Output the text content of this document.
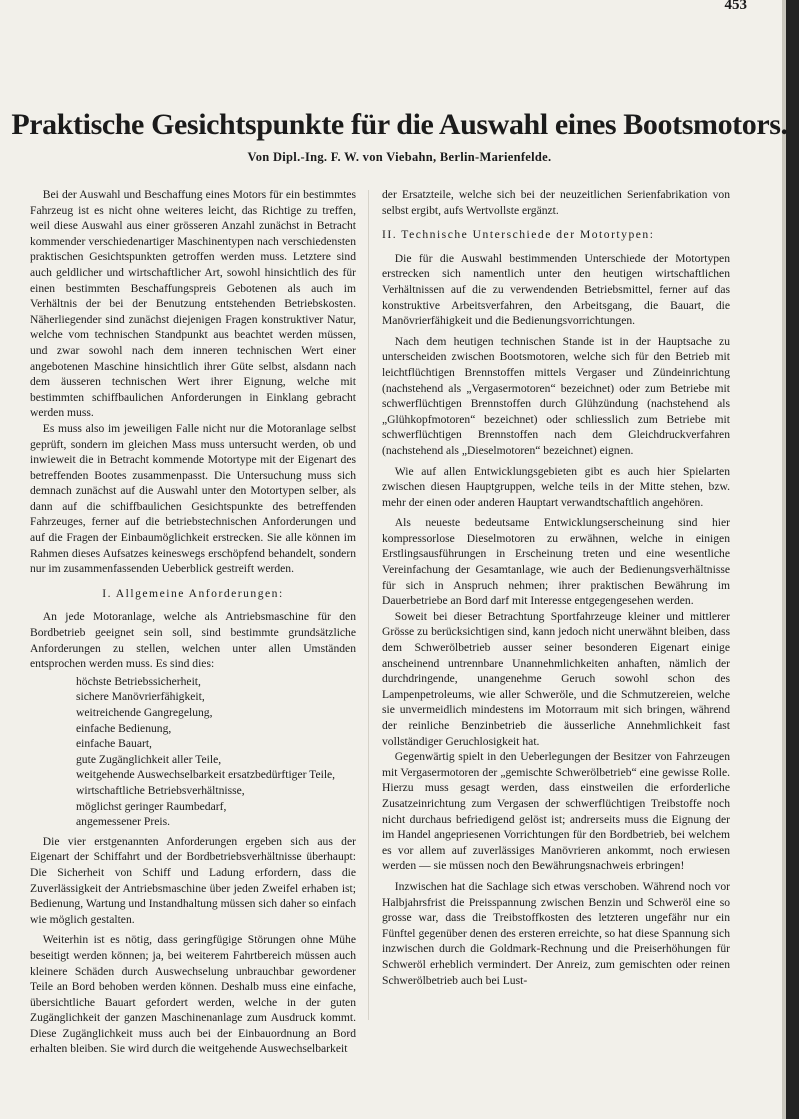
453
Praktische Gesichtspunkte für die Auswahl eines Bootsmotors.
Von Dipl.-Ing. F. W. von Viebahn, Berlin-Marienfelde.

Bei der Auswahl und Beschaffung eines Motors für ein bestimmtes Fahrzeug ist es nicht ohne weiteres leicht, das Richtige zu treffen, weil diese Auswahl aus einer grösseren Anzahl zunächst in Betracht kommender verschiedenartiger Maschinentypen nach verschiedensten praktischen Gesichtspunkten getroffen werden muss. Letztere sind auch geldlicher und wirtschaftlicher Art, sowohl hinsichtlich des für einen bestimmten Beschaffungspreis Gebotenen als auch im Verhältnis der bei der Benutzung entstehenden Betriebskosten. Näherliegender sind zunächst diejenigen Fragen konstruktiver Natur, welche vom technischen Standpunkt aus beachtet werden müssen, und zwar sowohl nach dem inneren technischen Wert einer angebotenen Maschine hinsichtlich ihrer Güte selbst, alsdann nach dem äusseren technischen Wert ihrer Eignung, welche mit bestimmten schiffbaulichen Anforderungen in Einklang gebracht werden muss.

Es muss also im jeweiligen Falle nicht nur die Motoranlage selbst geprüft, sondern im gleichen Mass muss untersucht werden, ob und inwieweit die in Betracht kommende Motortype mit der Eigenart des betreffenden Bootes zusammenpasst. Die Untersuchung muss sich demnach zunächst auf die Auswahl unter den Motortypen selber, als dann auf die schiffbaulichen Gesichtspunkte des betreffenden Fahrzeuges, ferner auf die betriebstechnischen Anforderungen und auf die Fragen der Einbaumöglichkeit erstrecken. Sie alle können im Rahmen dieses Aufsatzes keineswegs erschöpfend behandelt, sondern nur im zusammenfassenden Ueberblick gestreift werden.

I. Allgemeine Anforderungen:

An jede Motoranlage, welche als Antriebsmaschine für den Bordbetrieb geeignet sein soll, sind bestimmte grundsätzliche Anforderungen zu stellen, welchen unter allen Umständen entsprochen werden muss. Es sind dies:

höchste Betriebssicherheit,
sichere Manövrierfähigkeit,
weitreichende Gangregelung,
einfache Bedienung,
einfache Bauart,
gute Zugänglichkeit aller Teile,
weitgehende Auswechselbarkeit ersatzbedürftiger Teile,
wirtschaftliche Betriebsverhältnisse,
möglichst geringer Raumbedarf,
angemessener Preis.

Die vier erstgenannten Anforderungen ergeben sich aus der Eigenart der Schiffahrt und der Bordbetriebsverhältnisse überhaupt: Die Sicherheit von Schiff und Ladung erfordern, dass die Zuverlässigkeit der Antriebsmaschine über jeden Zweifel erhaben ist; Bedienung, Wartung und Instandhaltung müssen sich daher so einfach wie möglich gestalten.

Weiterhin ist es nötig, dass geringfügige Störungen ohne Mühe beseitigt werden können; ja, bei weiterem Fahrtbereich müssen auch kleinere Schäden durch Auswechselung unbrauchbar gewordener Teile an Bord behoben werden können. Deshalb muss eine einfache, übersichtliche Bauart gefordert werden, welche in der guten Zugänglichkeit der ganzen Maschinenanlage zum Ausdruck kommt. Diese Zugänglichkeit muss auch bei der Einbauordnung an Bord erhalten bleiben. Sie wird durch die weitgehende Auswechselbarkeit

der Ersatzteile, welche sich bei der neuzeitlichen Serienfabrikation von selbst ergibt, aufs Wertvollste ergänzt.

II. Technische Unterschiede der Motortypen:

Die für die Auswahl bestimmenden Unterschiede der Motortypen erstrecken sich namentlich unter den heutigen wirtschaftlichen Verhältnissen auf die zu verwendenden Betriebsmittel, ferner auf das konstruktive Arbeitsverfahren, den Arbeitsgang, die Bauart, die Manövrierfähigkeit und die Bedienungsvorrichtungen.

Nach dem heutigen technischen Stande ist in der Hauptsache zu unterscheiden zwischen Bootsmotoren, welche sich für den Betrieb mit leichtflüchtigen Brennstoffen mittels Vergaser und Zündeinrichtung (nachstehend als „Vergasermotoren“ bezeichnet) oder zum Betriebe mit schwerflüchtigen Brennstoffen durch Glühzündung (nachstehend als „Glühkopfmotoren“ bezeichnet) oder schliesslich zum Betriebe mit schwerflüchtigen Brennstoffen nach dem Gleichdruckverfahren (nachstehend als „Dieselmotoren“ bezeichnet) eignen.

Wie auf allen Entwicklungsgebieten gibt es auch hier Spielarten zwischen diesen Hauptgruppen, welche teils in der Mitte stehen, bzw. mehr der einen oder anderen Hauptart verwandtschaftlich angehören.

Als neueste bedeutsame Entwicklungserscheinung sind hier kompressorlose Dieselmotoren zu erwähnen, welche in einigen Erstlingsausführungen in Erscheinung treten und eine wesentliche Vereinfachung der Gesamtanlage, wie auch der Bedienungsverhältnisse für sich in Anspruch nehmen; ihrer praktischen Bewährung im Dauerbetriebe an Bord darf mit Interesse entgegengesehen werden.

Soweit bei dieser Betrachtung Sportfahrzeuge kleiner und mittlerer Grösse zu berücksichtigen sind, kann jedoch nicht unerwähnt bleiben, dass dem Schwerölbetrieb ausser seiner besonderen Eigenart einige anscheinend untrennbare Unannehmlichkeiten anhaften, nämlich der durchdringende, unangenehme Geruch sowohl schon des Lampenpetroleums, wie aller Schweröle, und die Schmutzereien, welche sie unvermeidlich mindestens im Motorraum mit sich bringen, während der reinliche Benzinbetrieb die äusserliche Annehmlichkeit fast vollständiger Geruchlosigkeit hat.

Gegenwärtig spielt in den Ueberlegungen der Besitzer von Fahrzeugen mit Vergasermotoren der „gemischte Schwerölbetrieb“ eine gewisse Rolle. Hierzu muss gesagt werden, dass einstweilen die erforderliche Zusatzeinrichtung zum Vergasen der schwerflüchtigen Treibstoffe noch nicht durchaus befriedigend gelöst ist; andrerseits muss die Eignung der im Handel angepriesenen Vorrichtungen für den Bordbetrieb, bei welchem es vor allem auf zuverlässiges Manövrieren ankommt, noch erwiesen werden — sie müssen noch den Bewährungsnachweis erbringen!

Inzwischen hat die Sachlage sich etwas verschoben. Während noch vor Halbjahrsfrist die Preisspannung zwischen Benzin und Schweröl eine so grosse war, dass die Treibstoffkosten des letzteren ungefähr nur ein Fünftel gegenüber denen des ersteren erreichte, so hat diese Spannung sich inzwischen durch die Goldmark-Rechnung und die Preiserhöhungen für Schweröl erheblich vermindert. Der Anreiz, zum gemischten oder reinen Schwerölbetrieb auch bei Lust-
